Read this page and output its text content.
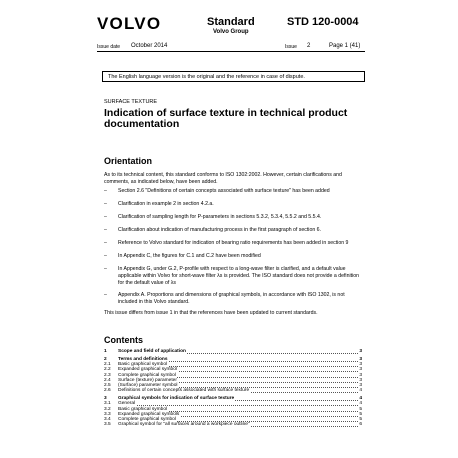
VOLVO	Standard
Volvo Group
STD 120-0004
Issue date October 2014	Issue 2	Page 1 (41)
The English language version is the original and the reference in case of dispute.
SURFACE TEXTURE
Indication of surface texture in technical product documentation
Orientation
As to its technical content, this standard conforms to ISO 1302:2002. However, certain clarifications and comments, as indicated below, have been added.
– Section 2.6 "Definitions of certain concepts associated with surface texture" has been added
– Clarification in example 2 in section 4.2.a.
– Clarification of sampling length for P-parameters in sections 5.3.2, 5.3.4, 5.5.2 and 5.5.4.
– Clarification about indication of manufacturing process in the first paragraph of section 6.
– Reference to Volvo standard for indication of bearing ratio requirements has been added in section 9
– In Appendix C, the figures for C.1 and C.2 have been modified
– In Appendix G, under G.2, P-profile with respect to a long-wave filter is clarified, and a default value applicable within Volvo for short-wave filter λs is provided. The ISO standard does not provide a definition for the default value of λs
– Appendix A. Proportions and dimensions of graphical symbols, in accordance with ISO 1302, is not included in this Volvo standard.
This issue differs from issue 1 in that the references have been updated to current standards.
Contents
1 Scope and field of application	3
2 Terms and definitions	3
2.1 Basic graphical symbol	3
2.2 Expanded graphical symbol	3
2.3 Complete graphical symbol	3
2.4 Surface (texture) parameter	3
2.5 (Surface) parameter symbol	3
2.6 Definitions of certain concepts associated with surface texture	4
3 Graphical symbols for indication of surface texture	4
3.1 General	4
3.2 Basic graphical symbol	5
3.3 Expanded graphical symbols	5
3.4 Complete graphical symbol	5
3.5 Graphical symbol for "all surfaces around a workpiece outline"	6
